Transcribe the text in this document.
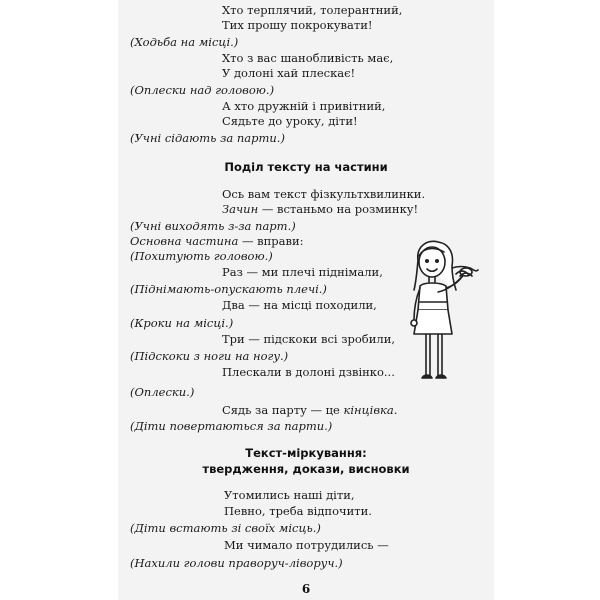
Хто терплячий, толерантний,
Тих прошу покрокувати!
(Ходьба на місці.)
Хто з вас шанобливість має,
У долоні хай плескає!
(Оплески над головою.)
А хто дружній і привітний,
Сядьте до уроку, діти!
(Учні сідають за парти.)
Поділ тексту на частини
Ось вам текст фізкультхвилинки.
Зачин — встаньмо на розминку!
(Учні виходять з-за парт.)
Основна частина — вправи:
(Похитують головою.)
Раз — ми плечі піднімали,
(Піднімають-опускають плечі.)
Два — на місці походили,
(Кроки на місці.)
Три — підскоки всі зробили,
(Підскоки з ноги на ногу.)
Плескали в долоні дзвінко...
(Оплески.)
Сядь за парту — це кінцівка.
(Діти повертаються за парти.)
Текст-міркування:
твердження, докази, висновки
Утомились наші діти,
Певно, треба відпочити.
(Діти встають зі своїх місць.)
Ми чимало потрудились —
(Нахили голови праворуч-ліворуч.)
6
